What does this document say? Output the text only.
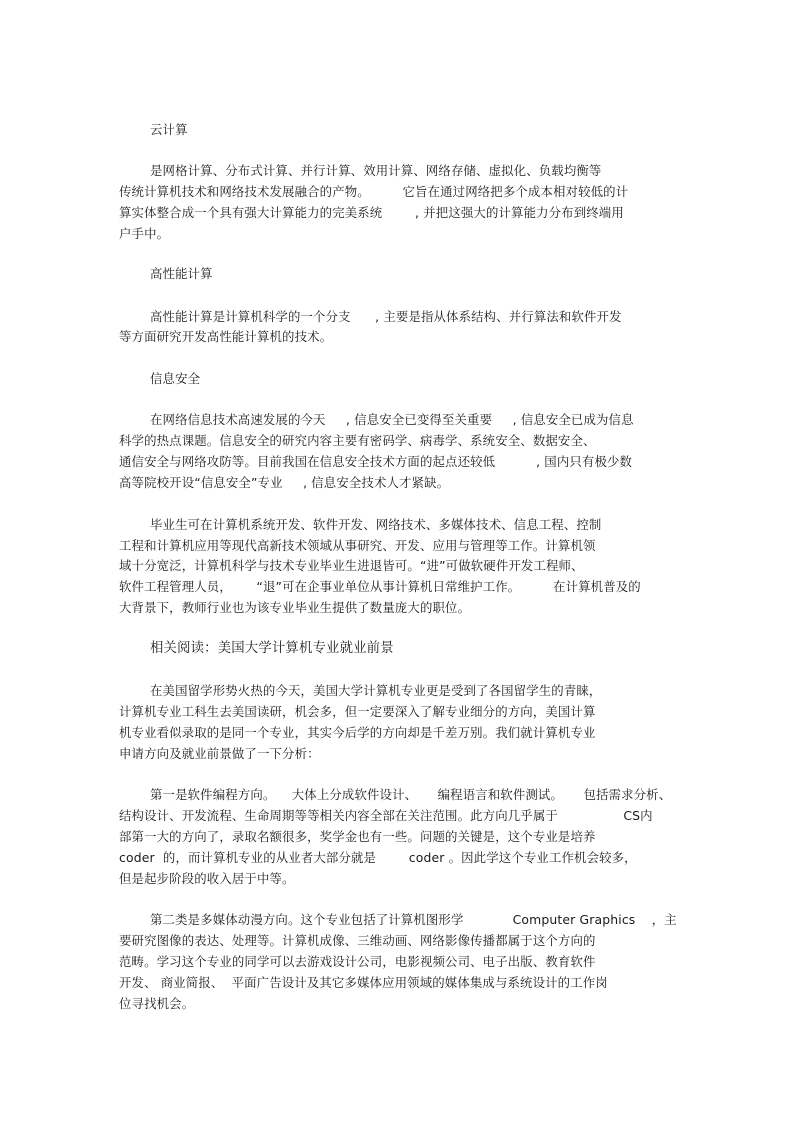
云计算
是网格计算、分布式计算、并行计算、效用计算、网络存储、虚拟化、负载均衡等
传统计算机技术和网络技术发展融合的产物。        它旨在通过网络把多个成本相对较低的计
算实体整合成一个具有强大计算能力的完美系统        , 并把这强大的计算能力分布到终端用
户手中。
高性能计算
高性能计算是计算机科学的一个分支      , 主要是指从体系结构、并行算法和软件开发
等方面研究开发高性能计算机的技术。
信息安全
在网络信息技术高速发展的今天     , 信息安全已变得至关重要     , 信息安全已成为信息
科学的热点课题。信息安全的研究内容主要有密码学、病毒学、系统安全、数据安全、
通信安全与网络攻防等。目前我国在信息安全技术方面的起点还较低          , 国内只有极少数
高等院校开设“信息安全”专业     , 信息安全技术人才紧缺。
毕业生可在计算机系统开发、软件开发、网络技术、多媒体技术、信息工程、控制
工程和计算机应用等现代高新技术领域从事研究、开发、应用与管理等工作。计算机领
域十分宽泛，计算机科学与技术专业毕业生进退皆可。“进”可做软硬件开发工程师、
软件工程管理人员，      “退”可在企事业单位从事计算机日常维护工作。        在计算机普及的
大背景下，教师行业也为该专业毕业生提供了数量庞大的职位。
相关阅读：美国大学计算机专业就业前景
在美国留学形势火热的今天，美国大学计算机专业更是受到了各国留学生的青睐，
计算机专业工科生去美国读研，机会多，但一定要深入了解专业细分的方向，美国计算
机专业看似录取的是同一个专业，其实今后学的方向却是千差万别。我们就计算机专业
申请方向及就业前景做了一下分析：
第一是软件编程方向。    大体上分成软件设计、     编程语言和软件测试。     包括需求分析、
结构设计、开发流程、生命周期等等相关内容全部在关注范围。此方向几乎属于                CS内
部第一大的方向了，录取名额很多，奖学金也有一些。问题的关键是，这个专业是培养
coder  的，而计算机专业的从业者大部分就是        coder 。因此学这个专业工作机会较多，
但是起步阶段的收入居于中等。
第二类是多媒体动漫方向。这个专业包括了计算机图形学            Computer Graphics    ，主
要研究图像的表达、处理等。计算机成像、三维动画、网络影像传播都属于这个方向的
范畴。学习这个专业的同学可以去游戏设计公司，电影视频公司、电子出版、教育软件
开发、 商业简报、  平面广告设计及其它多媒体应用领域的媒体集成与系统设计的工作岗
位寻找机会。
